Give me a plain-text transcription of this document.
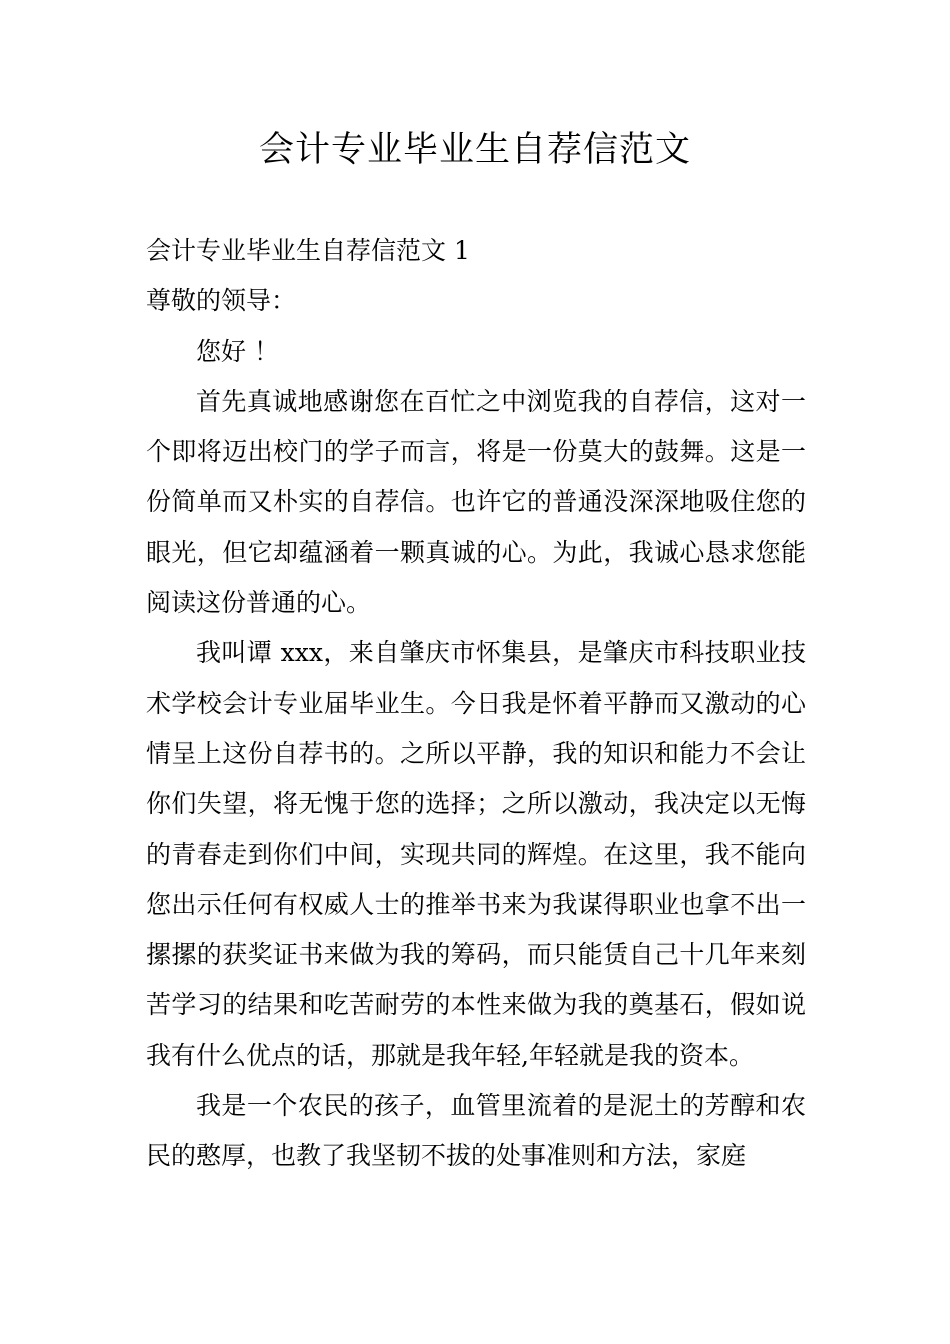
会计专业毕业生自荐信范文

会计专业毕业生自荐信范文 1

尊敬的领导：

您好 ！

首先真诚地感谢您在百忙之中浏览我的自荐信，这对一个即将迈出校门的学子而言，将是一份莫大的鼓舞。这是一份简单而又朴实的自荐信。也许它的普通没深深地吸住您的眼光，但它却蕴涵着一颗真诚的心。为此，我诚心恳求您能阅读这份普通的心。

我叫谭 xxx，来自肇庆市怀集县，是肇庆市科技职业技术学校会计专业届毕业生。今日我是怀着平静而又激动的心情呈上这份自荐书的。之所以平静，我的知识和能力不会让你们失望，将无愧于您的选择；之所以激动，我决定以无悔的青春走到你们中间，实现共同的辉煌。在这里，我不能向您出示任何有权威人士的推举书来为我谋得职业也拿不出一摞摞的获奖证书来做为我的筹码，而只能赁自己十几年来刻苦学习的结果和吃苦耐劳的本性来做为我的奠基石，假如说我有什么优点的话，那就是我年轻,年轻就是我的资本。

我是一个农民的孩子，血管里流着的是泥土的芳醇和农民的憨厚，也教了我坚韧不拔的处事准则和方法，家庭
